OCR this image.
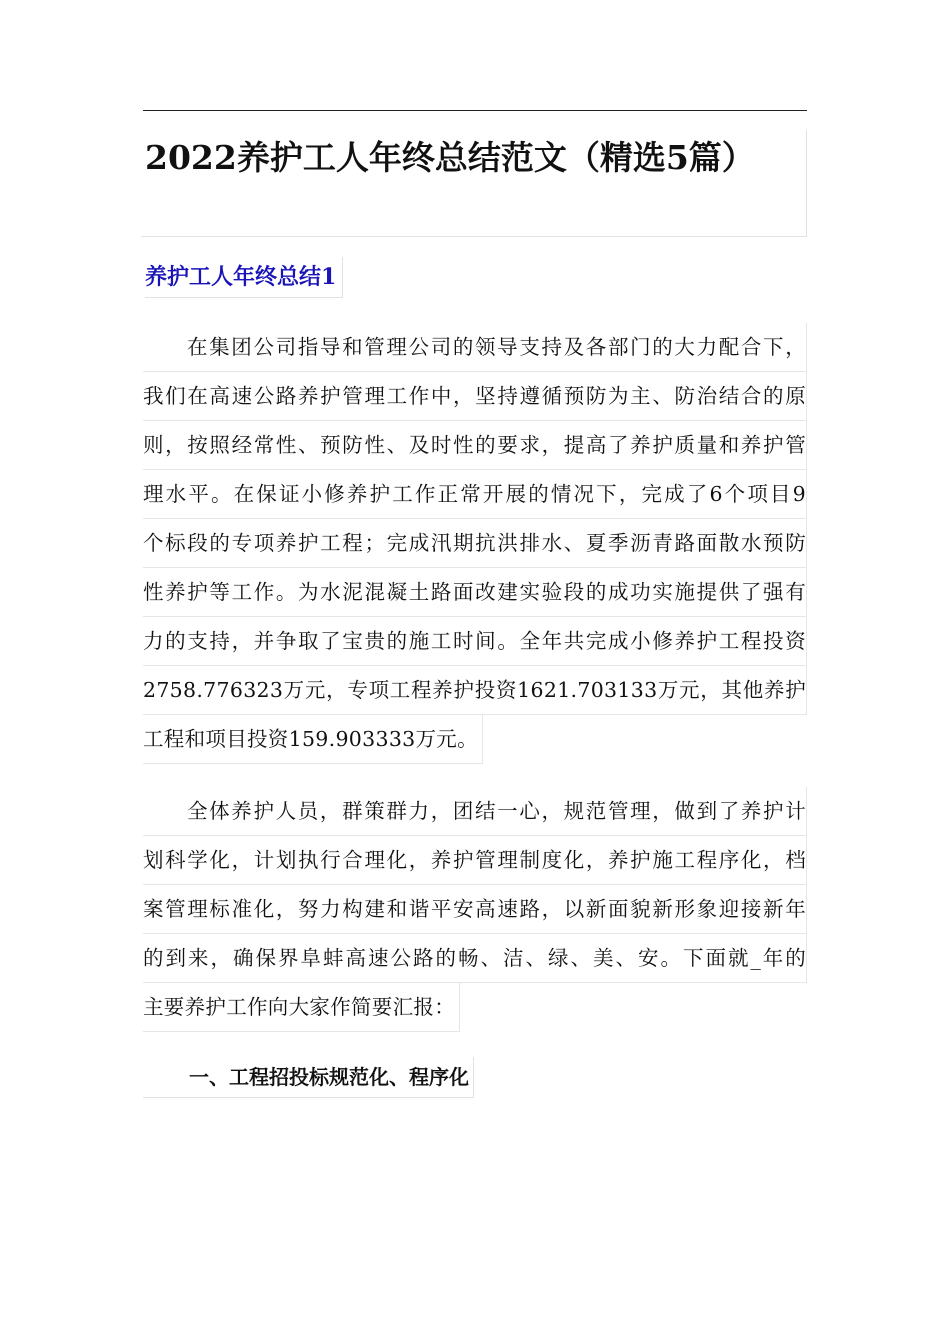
2022养护工人年终总结范文（精选5篇）
养护工人年终总结1
在集团公司指导和管理公司的领导支持及各部门的大力配合下，
我们在高速公路养护管理工作中，坚持遵循预防为主、防治结合的原
则，按照经常性、预防性、及时性的要求，提高了养护质量和养护管
理水平。在保证小修养护工作正常开展的情况下，完成了6个项目9
个标段的专项养护工程；完成汛期抗洪排水、夏季沥青路面散水预防
性养护等工作。为水泥混凝土路面改建实验段的成功实施提供了强有
力的支持，并争取了宝贵的施工时间。全年共完成小修养护工程投资
2758.776323万元，专项工程养护投资1621.703133万元，其他养护
工程和项目投资159.903333万元。
全体养护人员，群策群力，团结一心，规范管理，做到了养护计
划科学化，计划执行合理化，养护管理制度化，养护施工程序化，档
案管理标准化，努力构建和谐平安高速路，以新面貌新形象迎接新年
的到来，确保界阜蚌高速公路的畅、洁、绿、美、安。下面就_年的
主要养护工作向大家作简要汇报：
一、工程招投标规范化、程序化
